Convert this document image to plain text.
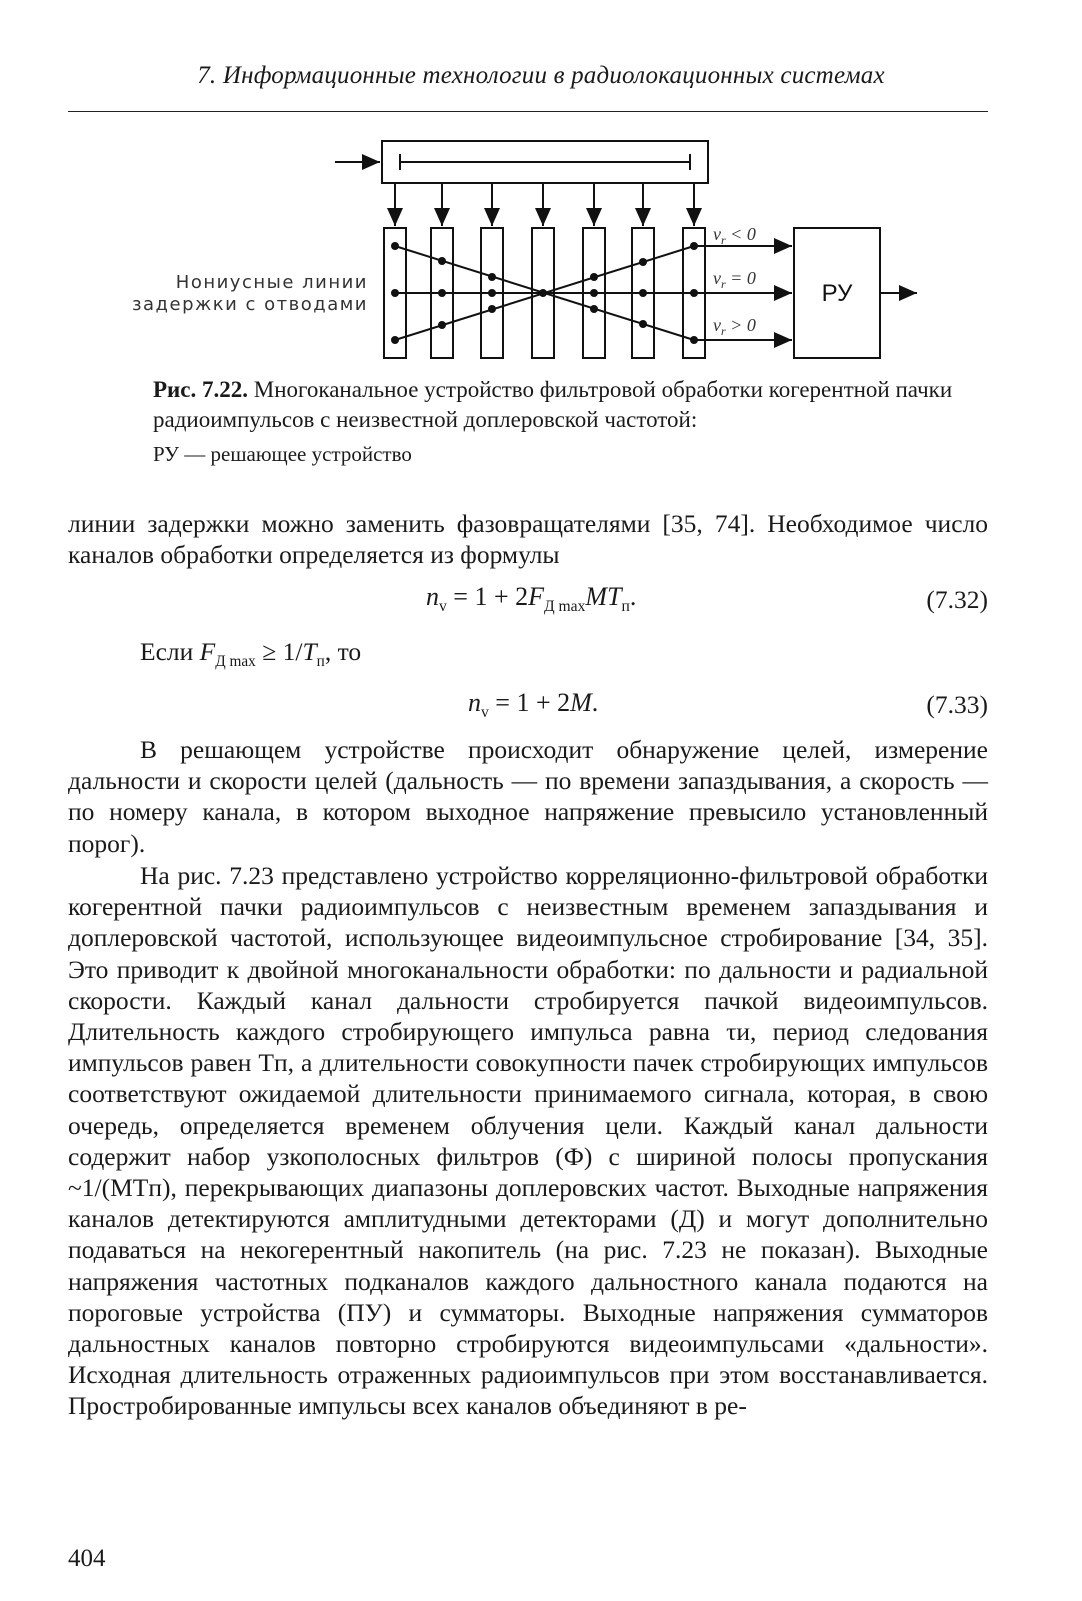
7. Информационные технологии в радиолокационных системах
$v_r < 0$
$v_r = 0$
$v_r > 0$
РУ
Нониусные линии
задержки с отводами
Рис. 7.22. Многоканальное устройство фильтровой обработки когерентной пачки радиоимпульсов с неизвестной доплеровской частотой:
РУ — решающее устройство

линии задержки можно заменить фазовращателями [35, 74]. Необходимое число каналов обработки определяется из формулы

$n_v = 1 + 2F_{Д max}MT_п$.	(7.32)
Если $F_{Д max} \ge 1/T_п$, то
$n_v = 1 + 2M$.	(7.33)

В решающем устройстве происходит обнаружение целей, измерение дальности и скорости целей (дальность — по времени запаздывания, а скорость — по номеру канала, в котором выходное напряжение превысило установленный порог).

На рис. 7.23 представлено устройство корреляционно-фильтровой обработки когерентной пачки радиоимпульсов с неизвестным временем запаздывания и доплеровской частотой, использующее видеоимпульсное стробирование [34, 35]. Это приводит к двойной многоканальности обработки: по дальности и радиальной скорости. Каждый канал дальности стробируется пачкой видеоимпульсов. Длительность каждого стробирующего импульса равна τи, период следования импульсов равен Tп, а длительности совокупности пачек стробирующих импульсов соответствуют ожидаемой длительности принимаемого сигнала, которая, в свою очередь, определяется временем облучения цели. Каждый канал дальности содержит набор узкополосных фильтров (Ф) с шириной полосы пропускания ~1/(MTп), перекрывающих диапазоны доплеровских частот. Выходные напряжения каналов детектируются амплитудными детекторами (Д) и могут дополнительно подаваться на некогерентный накопитель (на рис. 7.23 не показан). Выходные напряжения частотных подканалов каждого дальностного канала подаются на пороговые устройства (ПУ) и сумматоры. Выходные напряжения сумматоров дальностных каналов повторно стробируются видеоимпульсами «дальности». Исходная длительность отраженных радиоимпульсов при этом восстанавливается. Простробированные импульсы всех каналов объединяют в ре-

404
